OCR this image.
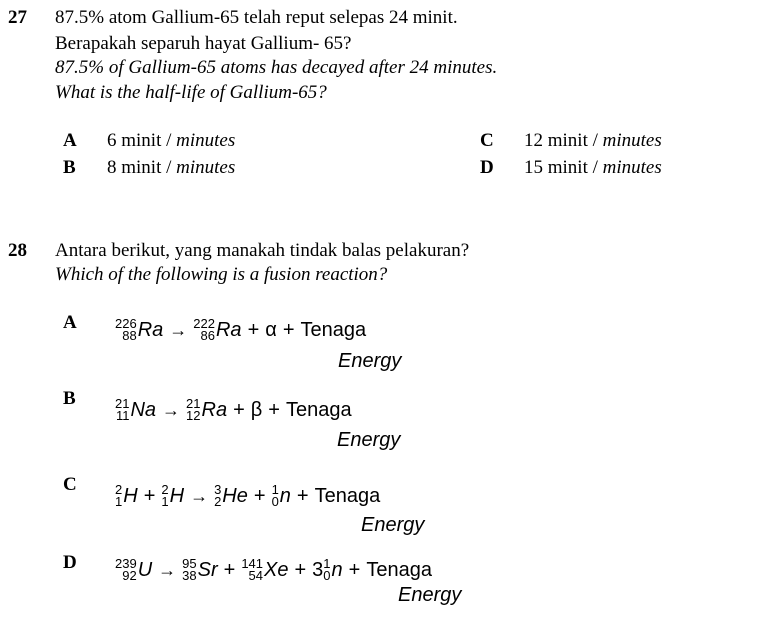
27 87.5% atom Gallium-65 telah reput selepas 24 minit.
Berapakah separuh hayat Gallium- 65?
87.5% of Gallium-65 atoms has decayed after 24 minutes.
What is the half-life of Gallium-65?
A 6 minit / minutes
B 8 minit / minutes
C 12 minit / minutes
D 15 minit / minutes
28 Antara berikut, yang manakah tindak balas pelakuran?
Which of the following is a fusion reaction?
A	226
88 Ra → 222
86 Ra + α + Tenaga
Energy
B	21
11 Na → 21
12 Ra + β + Tenaga
Energy
C	2
1 H + 2
1 H → 3
2 He + 1
0 n + Tenaga
Energy
D	239
92 U → 95
38 Sr + 141
54 Xe + 3 1
0 n + Tenaga
Energy
